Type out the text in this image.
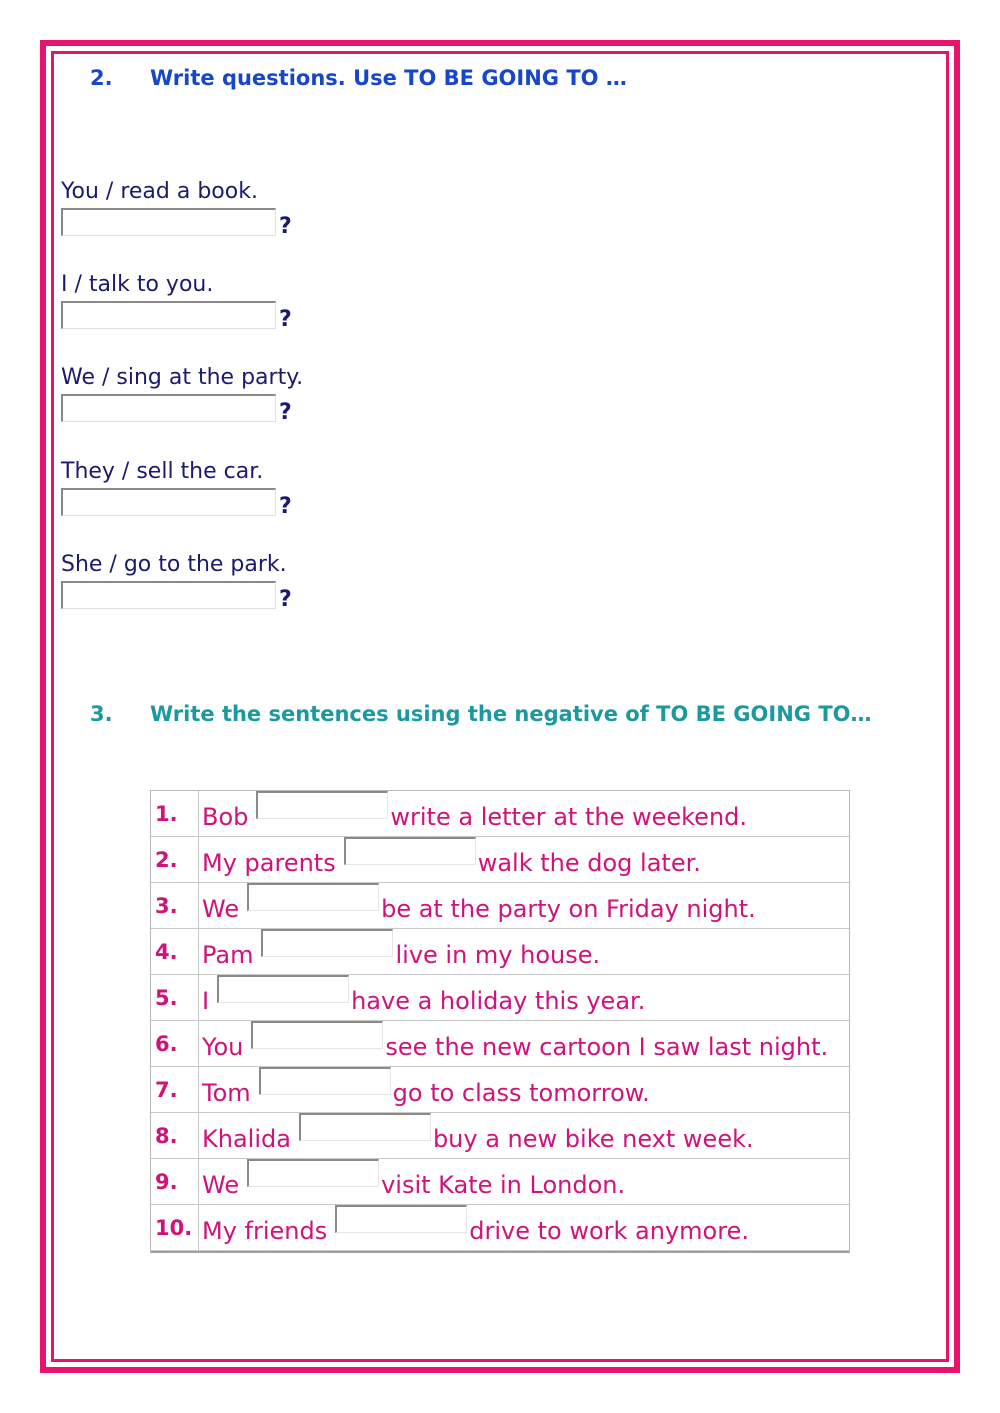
2. Write questions. Use TO BE GOING TO …
You / read a book.
?
I / talk to you.
?
We / sing at the party.
?
They / sell the car.
?
She / go to the park.
?
3. Write the sentences using the negative of TO BE GOING TO…
1.	Bob write a letter at the weekend.
2.	My parents walk the dog later.
3.	We be at the party on Friday night.
4.	Pam live in my house.
5.	I have a holiday this year.
6.	You see the new cartoon I saw last night.
7.	Tom go to class tomorrow.
8.	Khalida buy a new bike next week.
9.	We visit Kate in London.
10.	My friends drive to work anymore.
